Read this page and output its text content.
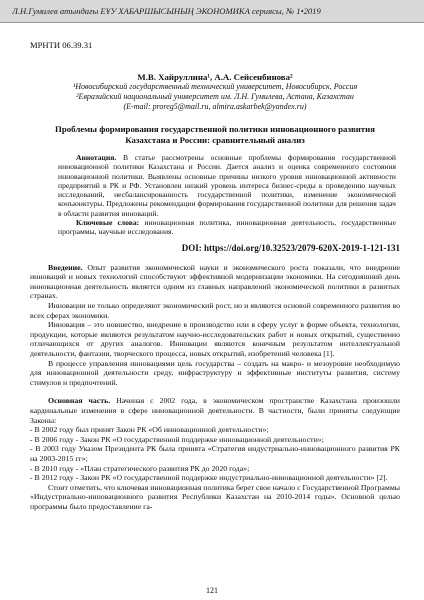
Л.Н.Гумилев атындағы ЕҰУ ХАБАРШЫСЫНЫҢ ЭКОНОМИКА сериясы, № 1•2019
МРНТИ 06.39.31

М.В. Хайруллина¹, А.А. Сейсенбинова²

¹Новосибирский государственный технический университет, Новосибирск, Россия

²Евразийский национальный университет им. Л.Н. Гумилева, Астана, Казахстан

(E-mail: proreg5@mail.ru, almira.askarbek@yandex.ru)

Проблемы формирования государственной политики инновационного развития Казахстана и России: сравнительный анализ

Аннотация. В статье рассмотрены основные проблемы формирования государственной инновационной политики Казахстана и России. Дается анализ и оценка современного состояния инновационной политики. Выявлены основные причины низкого уровня инновационной активности предприятий в РК и РФ. Установлен низкий уровень интереса бизнес-среды к проведению научных исследований, несбалансированность государственной политики, изменение экономической конъюнктуры. Предложены рекомендации формирования государственной политики для решения задач в области развития инноваций.

Ключевые слова: инновационная политика, инновационная деятельность, государственные программы, научные исследования.

DOI: https://doi.org/10.32523/2079-620X-2019-1-121-131

Введение. Опыт развития экономической науки и экономического роста показали, что внедрение инноваций и новых технологий способствуют эффективной модернизации экономики. На сегодняшний день инновационная деятельность является одним из главных направлений экономической политики в развитых странах.

Инновации не только определяют экономический рост, но и являются основой современного развития во всех сферах экономики.

Инновация – это новшество, внедрение в производство или в сферу услуг в форме объекта, технологии, продукции, которые являются результатом научно-исследовательских работ и новых открытий, существенно отличающихся от других аналогов. Инновации являются конечным результатом интеллектуальной деятельности, фантазии, творческого процесса, новых открытий, изобретений человека [1].

В процессе управления инновациями цель государства – создать на макро- и мезоуровне необходимую для инновационной деятельности среду, инфраструктуру и эффективные институты развития, систему стимулов и предпочтений.

Основная часть. Начиная с 2002 года, в экономическом пространстве Казахстана произошли кардинальные изменения в сфере инновационной деятельности. В частности, были приняты следующие Законы:

- В 2002 году был принят Закон РК «Об инновационной деятельности»;

- В 2006 году - Закон РК «О государственной поддержке инновационной деятельности»;

- В 2003 году Указом Президента РК была принята «Стратегия индустриально-инновационного развития РК на 2003-2015 гг»;

- В 2010 году - «План стратегического развития РК до 2020 года»;

- В 2012 году - Закон РК «О государственной поддержке индустриально-инновационной деятельности» [2].

Стоит отметить, что ключевая инновационная политика берет свое начало с Государственной Программы «Индустриально-инновационного развития Республики Казахстан на 2010-2014 годы». Основной целью программы было предоставление га-

121
